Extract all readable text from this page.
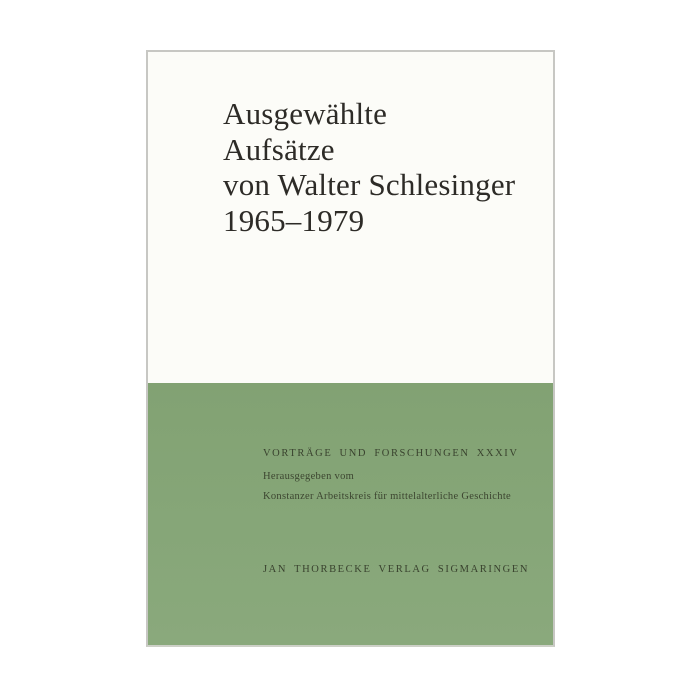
Ausgewählte
Aufsätze
von Walter Schlesinger
1965–1979
VORTRÄGE UND FORSCHUNGEN XXXIV
Herausgegeben vom
Konstanzer Arbeitskreis für mittelalterliche Geschichte
JAN THORBECKE VERLAG SIGMARINGEN
